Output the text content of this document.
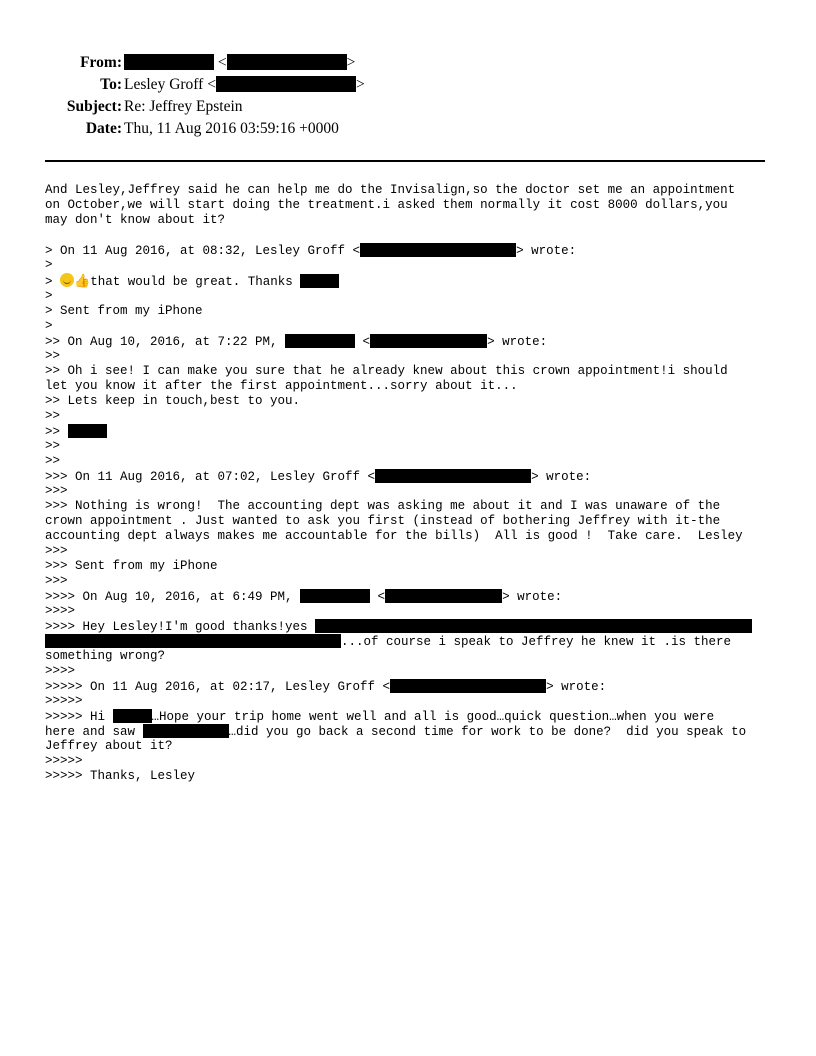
From:	<	>
To: Lesley Groff <	>
Subject: Re: Jeffrey Epstein
Date: Thu, 11 Aug 2016 03:59:16 +0000
And Lesley,Jeffrey said he can help me do the Invisalign,so the doctor set me an appointment
on October,we will start doing the treatment.i asked them normally it cost 8000 dollars,you
may don't know about it?
> On 11 Aug 2016, at 08:32, Lesley Groff <	> wrote:
>
> 👍that would be great. Thanks
>
> Sent from my iPhone
>
>> On Aug 10, 2016, at 7:22 PM,	<	> wrote:
>>
>> Oh i see! I can make you sure that he already knew about this crown appointment!i should
let you know it after the first appointment...sorry about it...
>> Lets keep in touch,best to you.
>>
>>
>>
>>
>>> On 11 Aug 2016, at 07:02, Lesley Groff <	> wrote:
>>>
>>> Nothing is wrong!  The accounting dept was asking me about it and I was unaware of the
crown appointment . Just wanted to ask you first (instead of bothering Jeffrey with it-the
accounting dept always makes me accountable for the bills)  All is good !  Take care.  Lesley
>>>
>>> Sent from my iPhone
>>>
>>>> On Aug 10, 2016, at 6:49 PM,	<	> wrote:
>>>>
>>>> Hey Lesley!I'm good thanks!yes
...of course i speak to Jeffrey he knew it .is there
something wrong?
>>>>
>>>>> On 11 Aug 2016, at 02:17, Lesley Groff <	> wrote:
>>>>>
>>>>> Hi	…Hope your trip home went well and all is good…quick question…when you were
here and saw	…did you go back a second time for work to be done?  did you speak to
Jeffrey about it?
>>>>>
>>>>> Thanks, Lesley
